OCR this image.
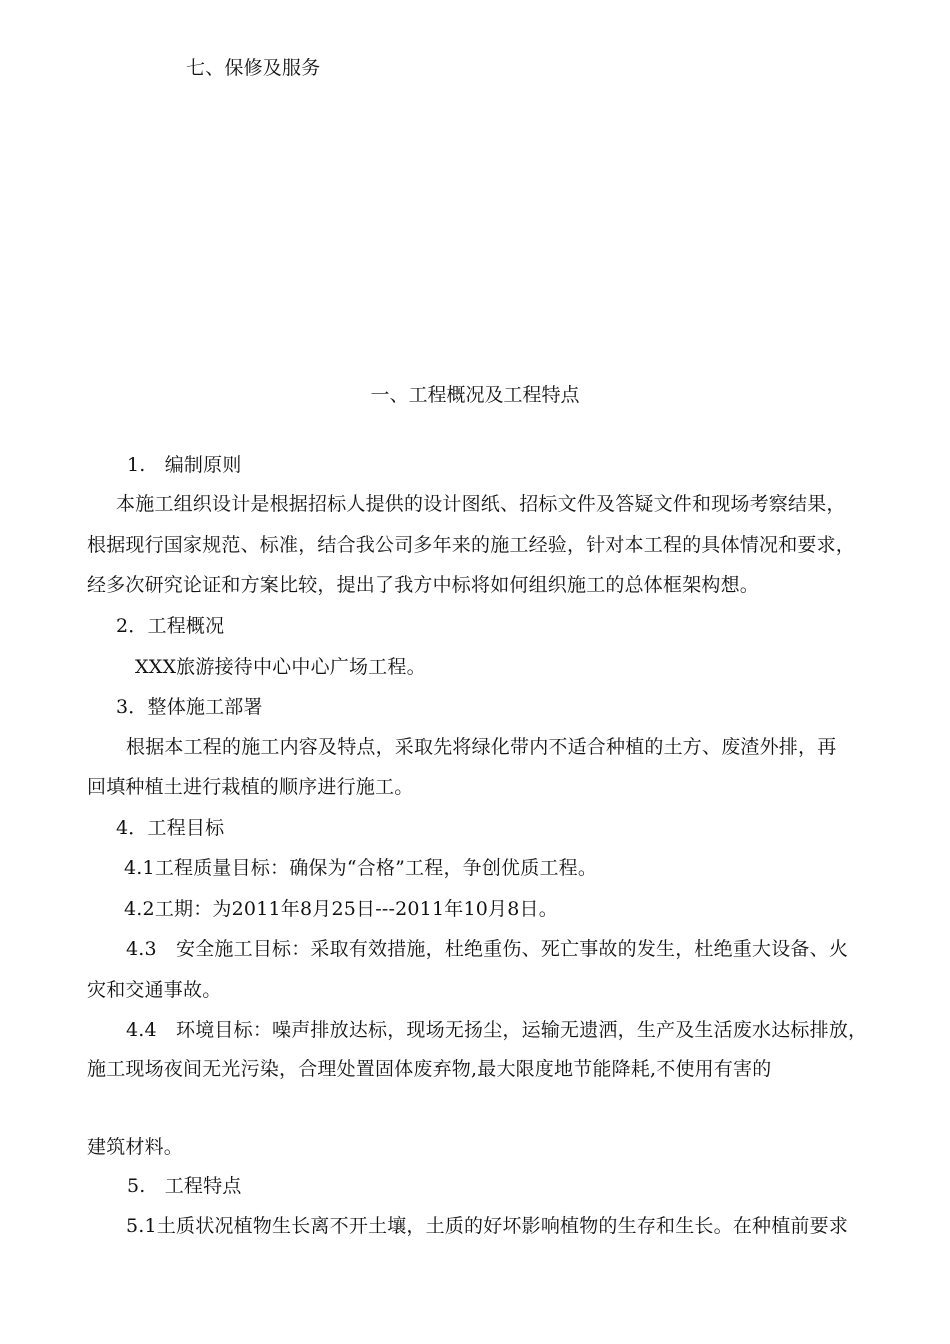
七、保修及服务
一、工程概况及工程特点
1.　编制原则
本施工组织设计是根据招标人提供的设计图纸、招标文件及答疑文件和现场考察结果，
根据现行国家规范、标准，结合我公司多年来的施工经验，针对本工程的具体情况和要求，
经多次研究论证和方案比较，提出了我方中标将如何组织施工的总体框架构想。
2．工程概况
XXX旅游接待中心中心广场工程。
3．整体施工部署
根据本工程的施工内容及特点，采取先将绿化带内不适合种植的土方、废渣外排，再
回填种植土进行栽植的顺序进行施工。
4．工程目标
4.1工程质量目标：确保为“合格”工程，争创优质工程。
4.2工期：为2011年8月25日---2011年10月8日。
4.3　安全施工目标：采取有效措施，杜绝重伤、死亡事故的发生，杜绝重大设备、火
灾和交通事故。
4.4　环境目标：噪声排放达标，现场无扬尘，运输无遗洒，生产及生活废水达标排放，
施工现场夜间无光污染，合理处置固体废弃物,最大限度地节能降耗,不使用有害的
建筑材料。
5.　工程特点
5.1土质状况植物生长离不开土壤，土质的好坏影响植物的生存和生长。在种植前要求
